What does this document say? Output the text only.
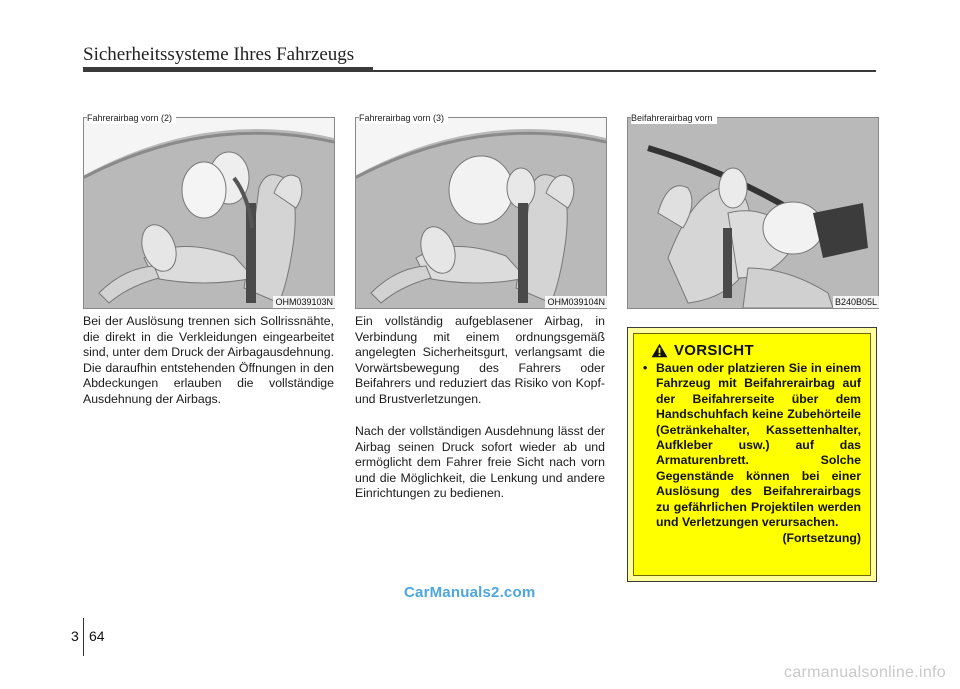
Sicherheitssysteme Ihres Fahrzeugs
Fahrerairbag vorn (2)
OHM039103N
Fahrerairbag vorn (3)
OHM039104N
Beifahrerairbag vorn
B240B05L

Bei der Auslösung trennen sich Sollrissnähte, die direkt in die Verkleidungen eingearbeitet sind, unter dem Druck der Airbagausdehnung. Die daraufhin entstehenden Öffnungen in den Abdeckungen erlauben die vollständige Ausdehnung der Airbags.

Ein vollständig aufgeblasener Airbag, in Verbindung mit einem ordnungsgemäß angelegten Sicherheitsgurt, verlangsamt die Vorwärtsbewegung des Fahrers oder Beifahrers und reduziert das Risiko von Kopf- und Brustverletzungen.

Nach der vollständigen Ausdehnung lässt der Airbag seinen Druck sofort wieder ab und ermöglicht dem Fahrer freie Sicht nach vorn und die Möglichkeit, die Lenkung und andere Einrichtungen zu bedienen.

VORSICHT
• Bauen oder platzieren Sie in einem Fahrzeug mit Beifahrerairbag auf der Beifahrerseite über dem Handschuhfach keine Zubehörteile (Getränkehalter, Kassettenhalter, Aufkleber usw.) auf das Armaturenbrett. Solche Gegenstände können bei einer Auslösung des Beifahrerairbags zu gefährlichen Projektilen werden und Verletzungen verursachen.
(Fortsetzung)
CarManuals2.com
3 64
carmanualsonline.info
